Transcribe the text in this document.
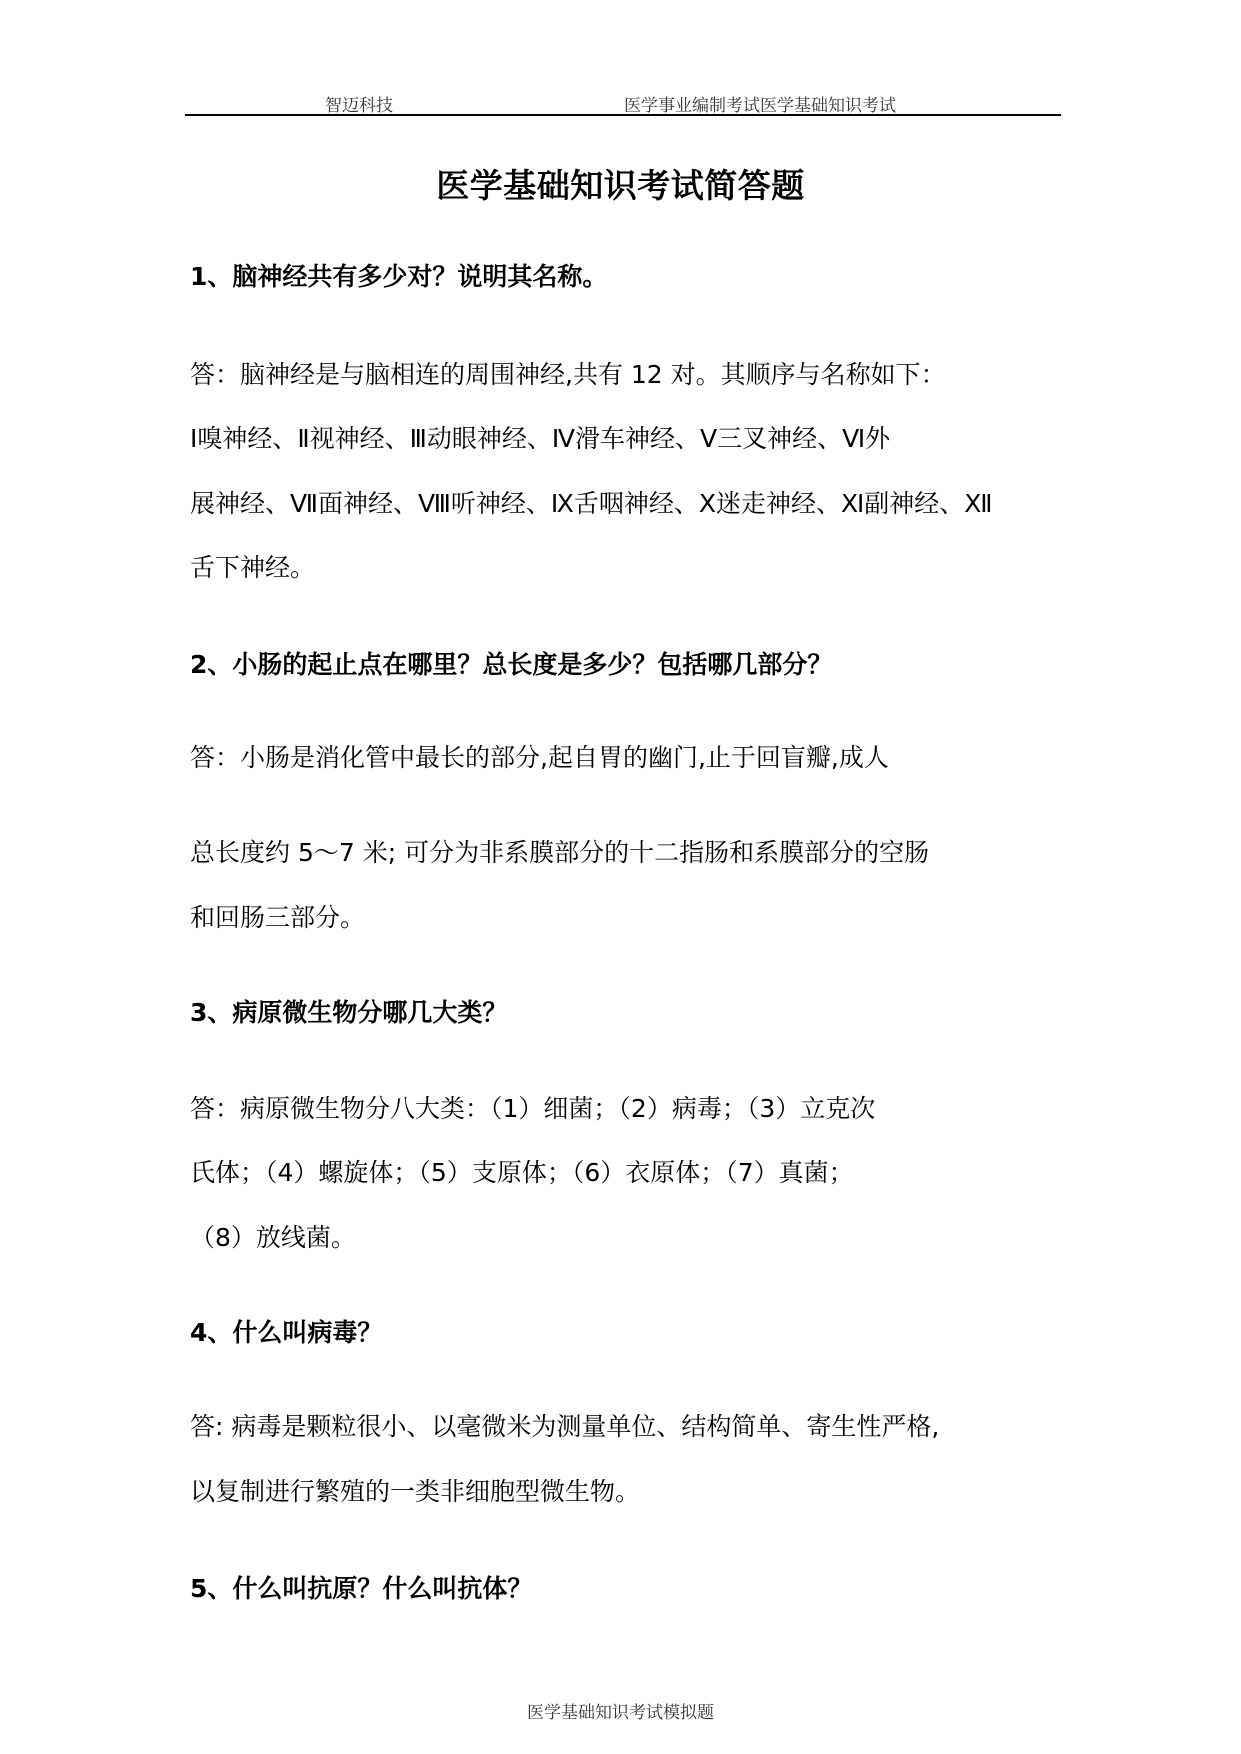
智迈科技	医学事业编制考试医学基础知识考试
医学基础知识考试简答题
1、脑神经共有多少对？说明其名称。
答：脑神经是与脑相连的周围神经,共有 12 对。其顺序与名称如下：
Ⅰ嗅神经、Ⅱ视神经、Ⅲ动眼神经、Ⅳ滑车神经、Ⅴ三叉神经、Ⅵ外
展神经、Ⅶ面神经、Ⅷ听神经、Ⅸ舌咽神经、Ⅹ迷走神经、Ⅺ副神经、Ⅻ
舌下神经。
2、小肠的起止点在哪里？总长度是多少？包括哪几部分？
答：小肠是消化管中最长的部分,起自胃的幽门,止于回盲瓣,成人
总长度约 5～7 米; 可分为非系膜部分的十二指肠和系膜部分的空肠
和回肠三部分。
3、病原微生物分哪几大类？
答：病原微生物分八大类：（1）细菌；（2）病毒；（3）立克次
氏体；（4）螺旋体；（5）支原体；（6）衣原体；（7）真菌；
（8）放线菌。
4、什么叫病毒？
答: 病毒是颗粒很小、以毫微米为测量单位、结构简单、寄生性严格,
以复制进行繁殖的一类非细胞型微生物。
5、什么叫抗原？什么叫抗体？
医学基础知识考试模拟题
